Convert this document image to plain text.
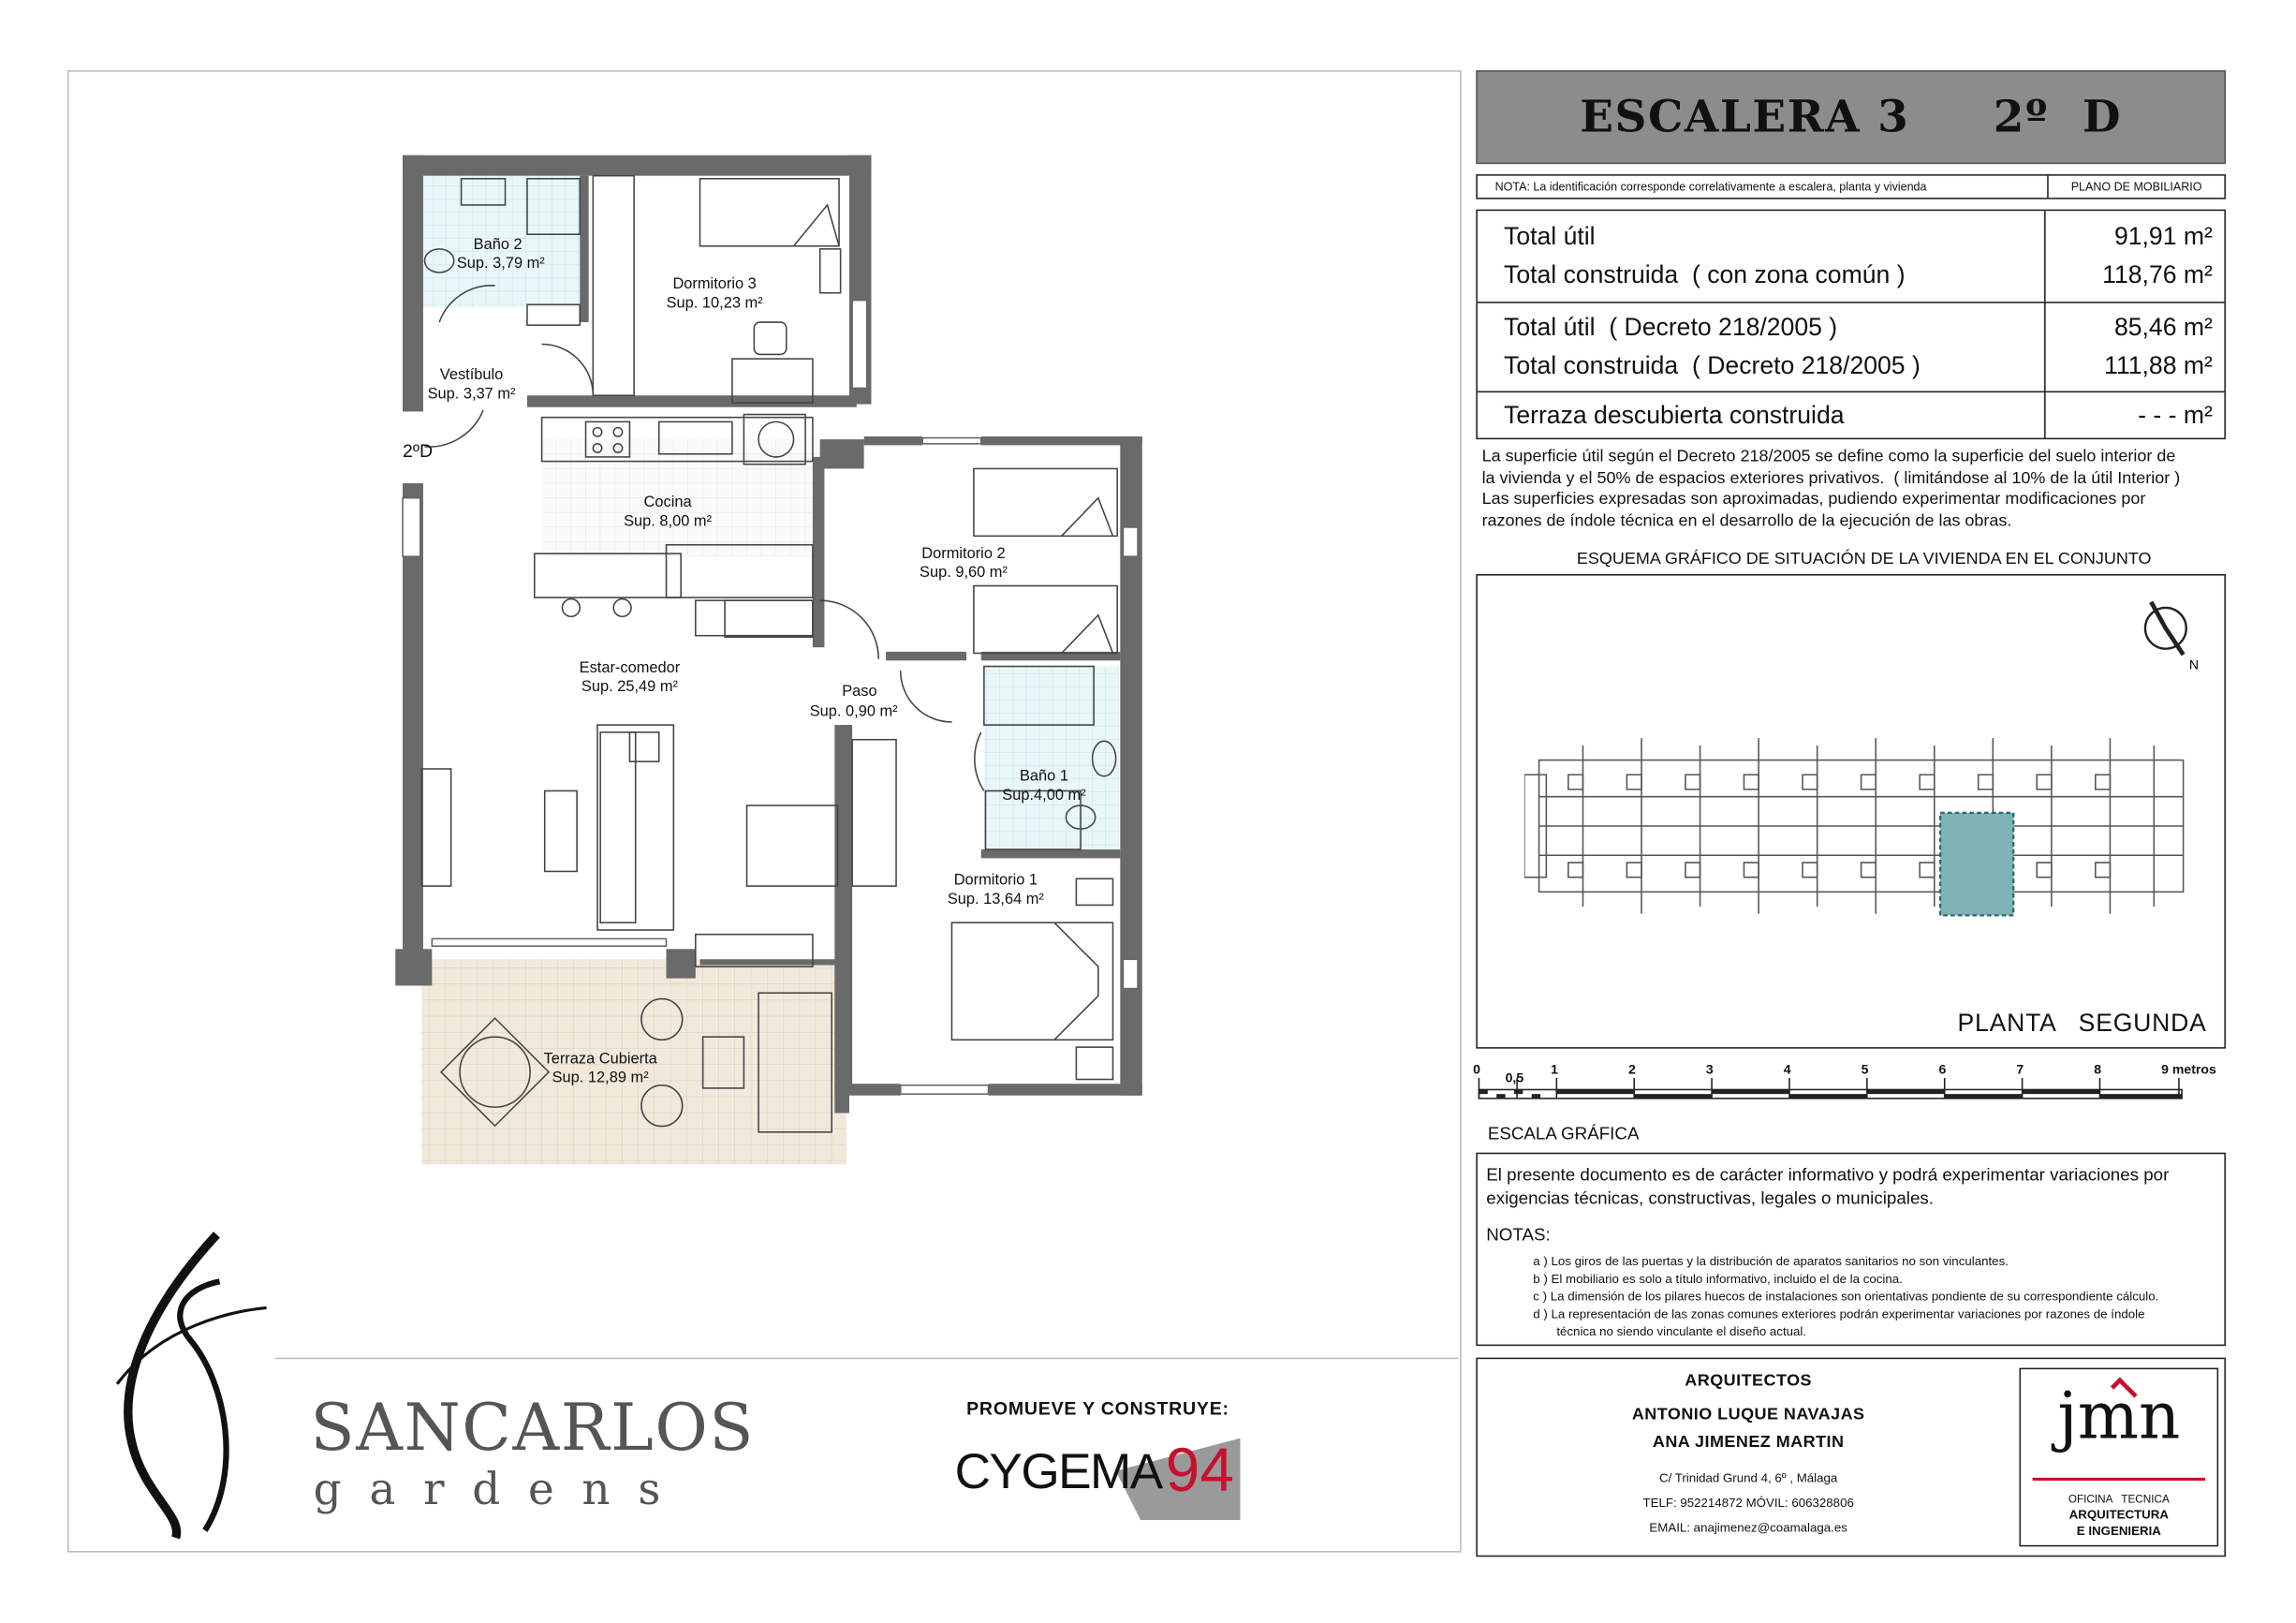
Baño 2
Sup. 3,79 m²
Dormitorio 3
Sup. 10,23 m²
Vestíbulo
Sup. 3,37 m²
Cocina
Sup. 8,00 m²
Dormitorio 2
Sup. 9,60 m²
Estar-comedor
Sup. 25,49 m²	Paso
Sup. 0,90 m²
Baño 1
Sup.4,00 m²
Dormitorio 1
Sup. 13,64 m²
Terraza Cubierta
Sup. 12,89 m²
2ºD
ESCALERA 3     2º  D
NOTA: La identificación corresponde correlativamente a escalera, planta y vivienda	PLANO DE MOBILIARIO
Total útil	91,91 m²
Total construida  ( con zona común )	118,76 m²
Total útil  ( Decreto 218/2005 )	85,46 m²
Total construida  ( Decreto 218/2005 )	111,88 m²
Terraza descubierta construida	- - - m²
La superficie útil según el Decreto 218/2005 se define como la superficie del suelo interior de
la vivienda y el 50% de espacios exteriores privativos.  ( limitándose al 10% de la útil Interior )
Las superficies expresadas son aproximadas, pudiendo experimentar modificaciones por
razones de índole técnica en el desarrollo de la ejecución de las obras.
ESQUEMA GRÁFICO DE SITUACIÓN DE LA VIVIENDA EN EL CONJUNTO
N
PLANTA   SEGUNDA
0
0,5
1	2	3	4	5	6	7	8	9 metros
ESCALA GRÁFICA
El presente documento es de carácter informativo y podrá experimentar variaciones por exigencias técnicas, constructivas, legales o municipales.
NOTAS:
a ) Los giros de las puertas y la distribución de aparatos sanitarios no son vinculantes.
b ) El mobiliario es solo a título informativo, incluido el de la cocina.
c ) La dimensión de los pilares huecos de instalaciones son orientativas pondiente de su correspondiente cálculo.
d ) La representación de las zonas comunes exteriores podrán experimentar variaciones por razones de índole
técnica no siendo vinculante el diseño actual.
ARQUITECTOS
ANTONIO LUQUE NAVAJAS
ANA JIMENEZ MARTIN
C/ Trinidad Grund 4, 6º , Málaga
TELF: 952214872 MÓVIL: 606328806
EMAIL: anajimenez@coamalaga.es
jmn
OFICINA   TECNICA
ARQUITECTURA
E INGENIERIA
SANCARLOS
gardens
PROMUEVE Y CONSTRUYE:
CYGEMA 94
